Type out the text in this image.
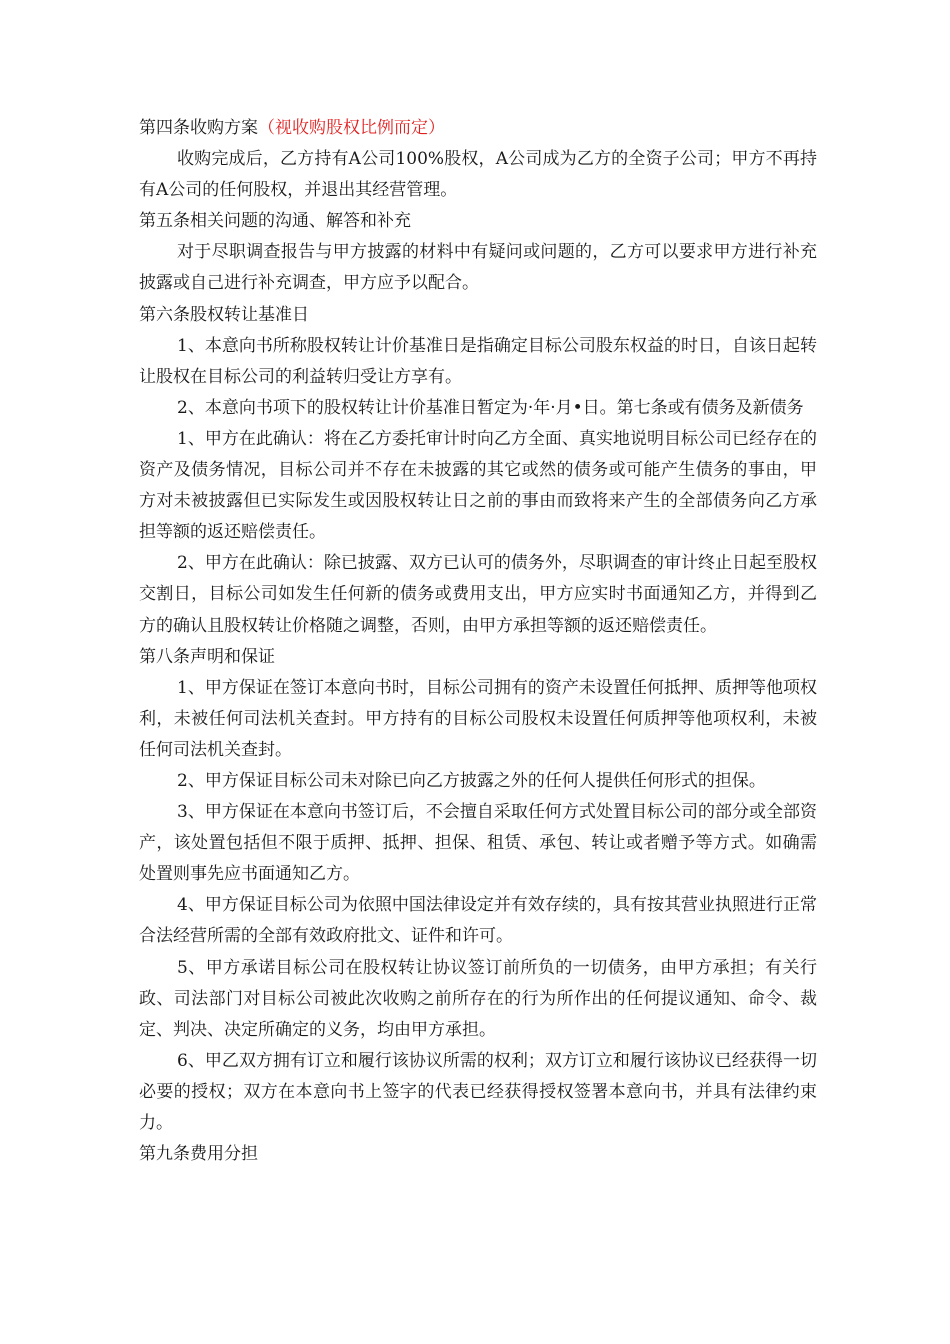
第四条收购方案（视收购股权比例而定）
收购完成后，乙方持有A公司100%股权，A公司成为乙方的全资子公司；甲方不再持有A公司的任何股权，并退出其经营管理。
第五条相关问题的沟通、解答和补充
对于尽职调查报告与甲方披露的材料中有疑问或问题的，乙方可以要求甲方进行补充披露或自己进行补充调查，甲方应予以配合。
第六条股权转让基准日
1、本意向书所称股权转让计价基准日是指确定目标公司股东权益的时日，自该日起转让股权在目标公司的利益转归受让方享有。
2、本意向书项下的股权转让计价基准日暂定为·年·月•日。第七条或有债务及新债务
1、甲方在此确认：将在乙方委托审计时向乙方全面、真实地说明目标公司已经存在的资产及债务情况，目标公司并不存在未披露的其它或然的债务或可能产生债务的事由，甲方对未被披露但已实际发生或因股权转让日之前的事由而致将来产生的全部债务向乙方承担等额的返还赔偿责任。
2、甲方在此确认：除已披露、双方已认可的债务外，尽职调查的审计终止日起至股权交割日，目标公司如发生任何新的债务或费用支出，甲方应实时书面通知乙方，并得到乙方的确认且股权转让价格随之调整，否则，由甲方承担等额的返还赔偿责任。
第八条声明和保证
1、甲方保证在签订本意向书时，目标公司拥有的资产未设置任何抵押、质押等他项权利，未被任何司法机关查封。甲方持有的目标公司股权未设置任何质押等他项权利，未被任何司法机关查封。
2、甲方保证目标公司未对除已向乙方披露之外的任何人提供任何形式的担保。
3、甲方保证在本意向书签订后，不会擅自采取任何方式处置目标公司的部分或全部资产，该处置包括但不限于质押、抵押、担保、租赁、承包、转让或者赠予等方式。如确需处置则事先应书面通知乙方。
4、甲方保证目标公司为依照中国法律设定并有效存续的，具有按其营业执照进行正常合法经营所需的全部有效政府批文、证件和许可。
5、甲方承诺目标公司在股权转让协议签订前所负的一切债务，由甲方承担；有关行政、司法部门对目标公司被此次收购之前所存在的行为所作出的任何提议通知、命令、裁定、判决、决定所确定的义务，均由甲方承担。
6、甲乙双方拥有订立和履行该协议所需的权利；双方订立和履行该协议已经获得一切必要的授权；双方在本意向书上签字的代表已经获得授权签署本意向书，并具有法律约束力。
第九条费用分担
